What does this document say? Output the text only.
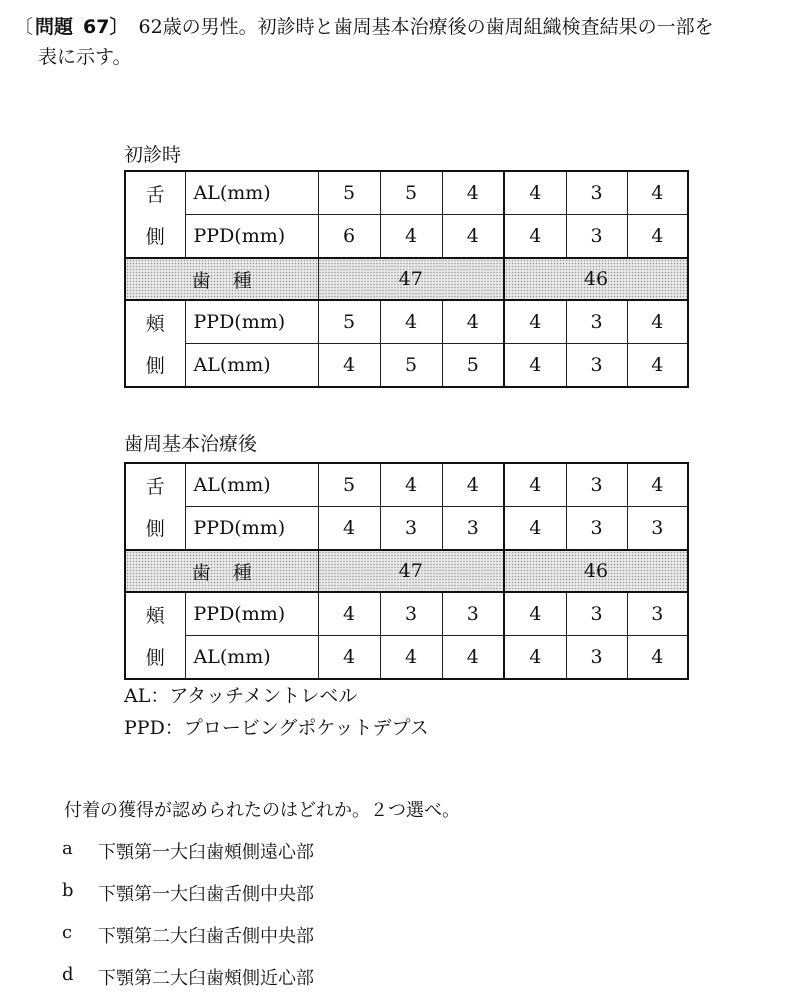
〔 問題 67〕 62歳の男性。初診時と歯周基本治療後の歯周組織検査結果の一部を
表に示す。
初診時
舌	AL(mm)	5	5	4	4	3	4
側	PPD(mm)	6	4	4	4	3	4
歯種		47			46		
頰	PPD(mm)	5	4	4	4	3	4
側	AL(mm)	4	5	5	4	3	4
歯周基本治療後
舌	AL(mm)	5	4	4	4	3	4
側	PPD(mm)	4	3	3	4	3	3
歯種		47			46		
頰	PPD(mm)	4	3	3	4	3	3
側	AL(mm)	4	4	4	4	3	4
AL：アタッチメントレベル
PPD：プロービングポケットデプス
付着の獲得が認められたのはどれか。２つ選べ。
a	下顎第一大臼歯頰側遠心部
b	下顎第一大臼歯舌側中央部
c	下顎第二大臼歯舌側中央部
d	下顎第二大臼歯頰側近心部
